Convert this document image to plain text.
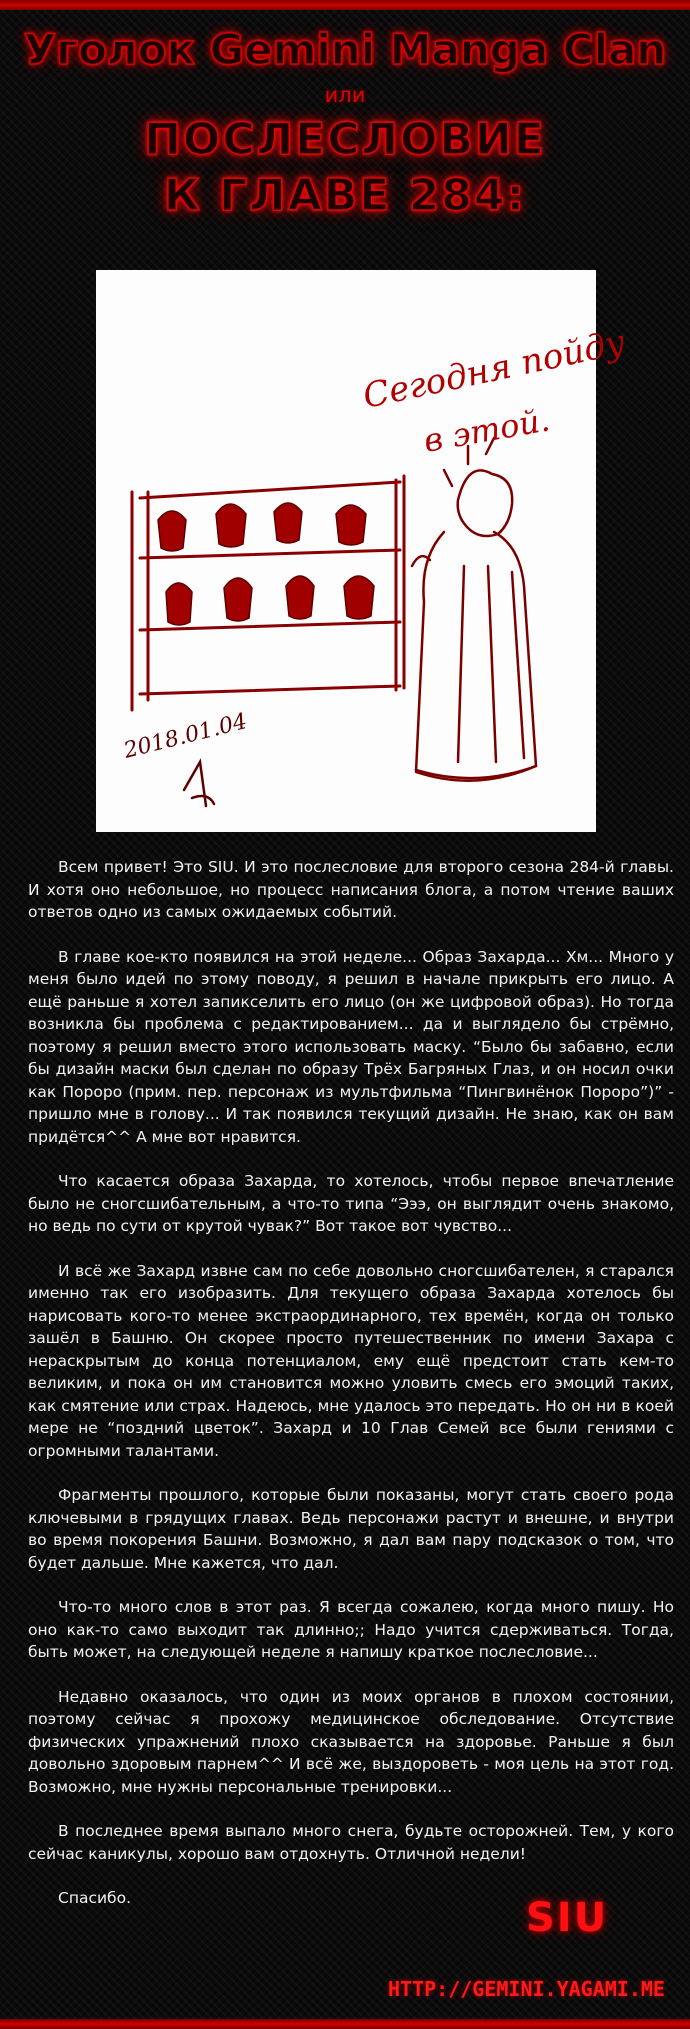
Уголок Gemini Manga Clan
или
ПОСЛЕСЛОВИЕ
К ГЛАВЕ 284:
Сегодня пойду
в этой.
2018.01.04

Всем привет! Это SIU. И это послесловие для второго сезона 284-й главы. И хотя оно небольшое, но процесс написания блога, а потом чтение ваших ответов одно из самых ожидаемых событий.

В главе кое-кто появился на этой неделе... Образ Захарда... Хм... Много у меня было идей по этому поводу, я решил в начале прикрыть его лицо. А ещё раньше я хотел запикселить его лицо (он же цифровой образ). Но тогда возникла бы проблема с редактированием... да и выглядело бы стрёмно, поэтому я решил вместо этого использовать маску. “Было бы забавно, если бы дизайн маски был сделан по образу Трёх Багряных Глаз, и он носил очки как Пороро (прим. пер. персонаж из мультфильма “Пингвинёнок Пороро”)” - пришло мне в голову... И так появился текущий дизайн. Не знаю, как он вам придётся^^ А мне вот нравится.

Что касается образа Захарда, то хотелось, чтобы первое впечатление было не сногсшибательным, а что-то типа “Эээ, он выглядит очень знакомо, но ведь по сути от крутой чувак?” Вот такое вот чувство...

И всё же Захард извне сам по себе довольно сногсшибателен, я старался именно так его изобразить. Для текущего образа Захарда хотелось бы нарисовать кого-то менее экстраординарного, тех времён, когда он только зашёл в Башню. Он скорее просто путешественник по имени Захара с нераскрытым до конца потенциалом, ему ещё предстоит стать кем-то великим, и пока он им становится можно уловить смесь его эмоций таких, как смятение или страх. Надеюсь, мне удалось это передать. Но он ни в коей мере не “поздний цветок”. Захард и 10 Глав Семей все были гениями с огромными талантами.

Фрагменты прошлого, которые были показаны, могут стать своего рода ключевыми в грядущих главах. Ведь персонажи растут и внешне, и внутри во время покорения Башни. Возможно, я дал вам пару подсказок о том, что будет дальше. Мне кажется, что дал.

Что-то много слов в этот раз. Я всегда сожалею, когда много пишу. Но оно как-то само выходит так длинно;; Надо учится сдерживаться. Тогда, быть может, на следующей неделе я напишу краткое послесловие...

Недавно оказалось, что один из моих органов в плохом состоянии, поэтому сейчас я прохожу медицинское обследование. Отсутствие физических упражнений плохо сказывается на здоровье. Раньше я был довольно здоровым парнем^^ И всё же, выздороветь - моя цель на этот год. Возможно, мне нужны персональные тренировки...

В последнее время выпало много снега, будьте осторожней. Тем, у кого сейчас каникулы, хорошо вам отдохнуть. Отличной недели!

Спасибо.	SIU
HTTP://GEMINI.YAGAMI.ME
